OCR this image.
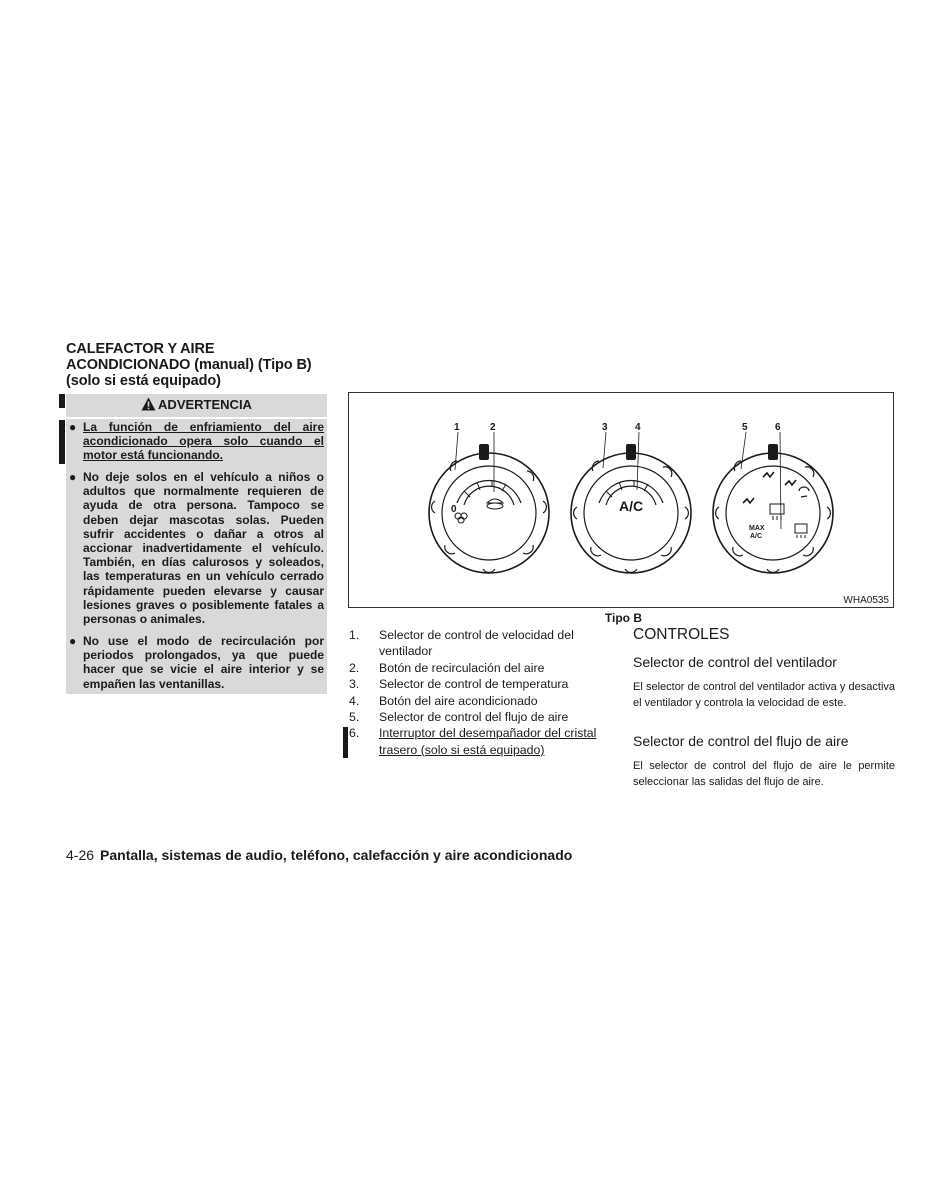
CALEFACTOR Y AIRE
ACONDICIONADO (manual) (Tipo B)
(solo si está equipado)
ADVERTENCIA
● La función de enfriamiento del aire acondicionado opera solo cuando el motor está funcionando.
● No deje solos en el vehículo a niños o adultos que normalmente requieren de ayuda de otra persona. Tampoco se deben dejar mascotas solas. Pueden sufrir accidentes o dañar a otros al accionar inadvertidamente el vehículo. También, en días calurosos y soleados, las temperaturas en un vehículo cerrado rápidamente pueden elevarse y causar lesiones graves o posiblemente fatales a personas o animales.
● No use el modo de recirculación por periodos prolongados, ya que puede hacer que se vicie el aire interior y se empañen las ventanillas.
1	2	3	4	5	6
0	A/C
MAX
A/C
WHA0535
Tipo B
1. Selector de control de velocidad del ventilador
2. Botón de recirculación del aire
3. Selector de control de temperatura
4. Botón del aire acondicionado
5. Selector de control del flujo de aire
6. Interruptor del desempañador del cristal trasero (solo si está equipado)
CONTROLES
Selector de control del ventilador
El selector de control del ventilador activa y desactiva el ventilador y controla la velocidad de este.
Selector de control del flujo de aire
El selector de control del flujo de aire le permite seleccionar las salidas del flujo de aire.
4-26 Pantalla, sistemas de audio, teléfono, calefacción y aire acondicionado
